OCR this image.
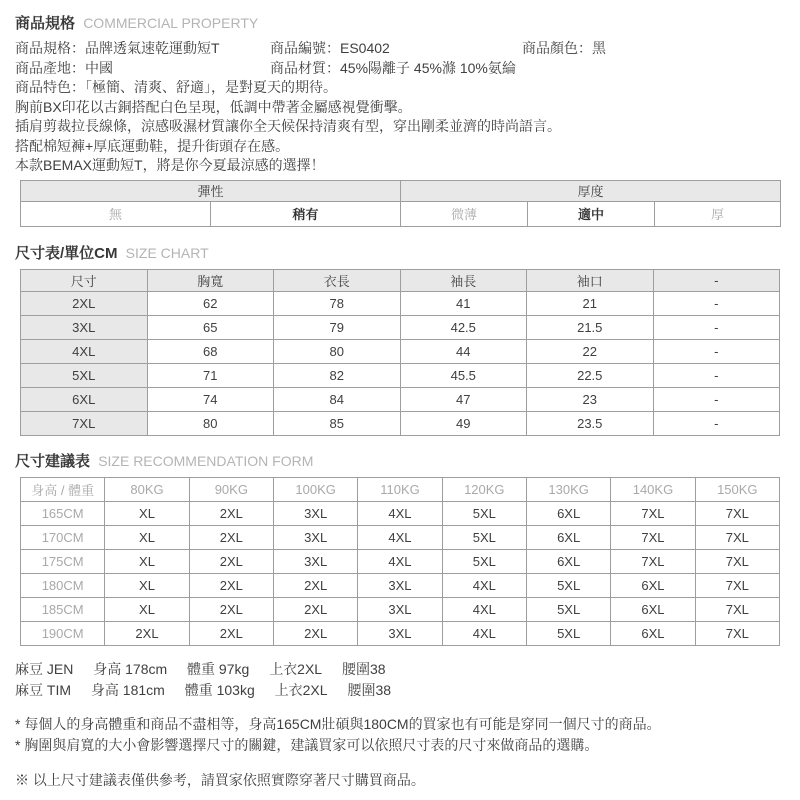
商品規格 COMMERCIAL PROPERTY
商品規格：品牌透氣速乾運動短T	商品編號：ES0402	商品顏色：黑
商品產地：中國	商品材質：45%陽離子 45%滌 10%氨綸
商品特色：「極簡、清爽、舒適」，是對夏天的期待。
胸前BX印花以古銅搭配白色呈現，低調中帶著金屬感視覺衝擊。
插肩剪裁拉長線條，涼感吸濕材質讓你全天候保持清爽有型，穿出剛柔並濟的時尚語言。
搭配棉短褲+厚底運動鞋，提升街頭存在感。
本款BEMAX運動短T，將是你今夏最涼感的選擇！
彈性		厚度		
無	稍有	微薄	適中	厚
尺寸表/單位CM SIZE CHART
尺寸	胸寬	衣長	袖長	袖口	-
2XL	62	78	41	21	-
3XL	65	79	42.5	21.5	-
4XL	68	80	44	22	-
5XL	71	82	45.5	22.5	-
6XL	74	84	47	23	-
7XL	80	85	49	23.5	-
尺寸建議表 SIZE RECOMMENDATION FORM
身高 / 體重	80KG	90KG	100KG	110KG	120KG	130KG	140KG	150KG
165CM	XL	2XL	3XL	4XL	5XL	6XL	7XL	7XL
170CM	XL	2XL	3XL	4XL	5XL	6XL	7XL	7XL
175CM	XL	2XL	3XL	4XL	5XL	6XL	7XL	7XL
180CM	XL	2XL	2XL	3XL	4XL	5XL	6XL	7XL
185CM	XL	2XL	2XL	3XL	4XL	5XL	6XL	7XL
190CM	2XL	2XL	2XL	3XL	4XL	5XL	6XL	7XL
麻豆 JEN 身高 178cm 體重 97kg 上衣2XL 腰圍38
麻豆 TIM 身高 181cm 體重 103kg 上衣2XL 腰圍38
* 每個人的身高體重和商品不盡相等，身高165CM壯碩與180CM的買家也有可能是穿同一個尺寸的商品。
* 胸圍與肩寬的大小會影響選擇尺寸的關鍵，建議買家可以依照尺寸表的尺寸來做商品的選購。
※ 以上尺寸建議表僅供參考，請買家依照實際穿著尺寸購買商品。
